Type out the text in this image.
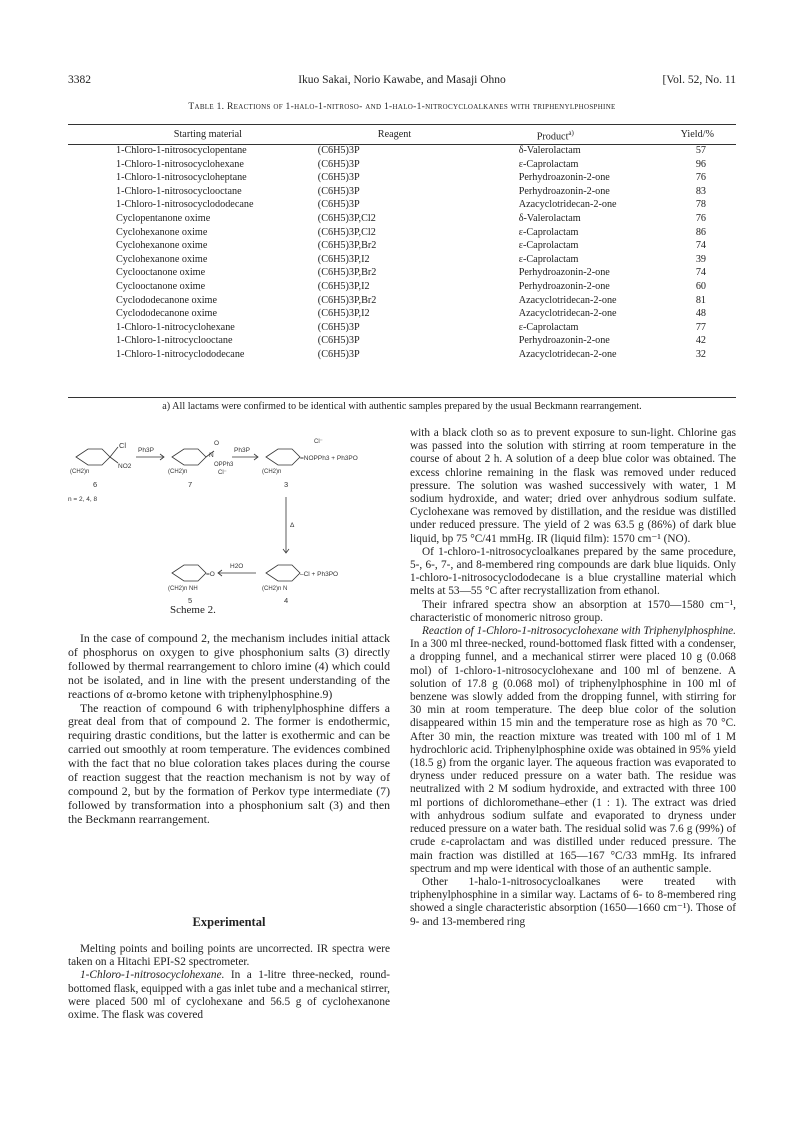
3382	Ikuo Sakai, Norio Kawabe, and Masaji Ohno	[Vol. 52, No. 11
Table 1. Reactions of 1-halo-1-nitroso- and 1-halo-1-nitrocycloalkanes with triphenylphosphine
Starting material	Reagent	Product$^{a)}$	Yield/%
1-Chloro-1-nitrosocyclopentane	(C6H5)3P	δ-Valerolactam	57
1-Chloro-1-nitrosocyclohexane	(C6H5)3P	ε-Caprolactam	96
1-Chloro-1-nitrosocycloheptane	(C6H5)3P	Perhydroazonin-2-one	76
1-Chloro-1-nitrosocyclooctane	(C6H5)3P	Perhydroazonin-2-one	83
1-Chloro-1-nitrosocyclododecane	(C6H5)3P	Azacyclotridecan-2-one	78
Cyclopentanone oxime	(C6H5)3P,Cl2	δ-Valerolactam	76
Cyclohexanone oxime	(C6H5)3P,Cl2	ε-Caprolactam	86
Cyclohexanone oxime	(C6H5)3P,Br2	ε-Caprolactam	74
Cyclohexanone oxime	(C6H5)3P,I2	ε-Caprolactam	39
Cyclooctanone oxime	(C6H5)3P,Br2	Perhydroazonin-2-one	74
Cyclooctanone oxime	(C6H5)3P,I2	Perhydroazonin-2-one	60
Cyclododecanone oxime	(C6H5)3P,Br2	Azacyclotridecan-2-one	81
Cyclododecanone oxime	(C6H5)3P,I2	Azacyclotridecan-2-one	48
1-Chloro-1-nitrocyclohexane	(C6H5)3P	ε-Caprolactam	77
1-Chloro-1-nitrocyclooctane	(C6H5)3P	Perhydroazonin-2-one	42
1-Chloro-1-nitrocyclododecane	(C6H5)3P	Azacyclotridecan-2-one	32
a) All lactams were confirmed to be identical with authentic samples prepared by the usual Beckmann rearrangement.
Cl
NO2
(CH2)n
6
n = 2, 4, 8
Ph3P
O
N
OPPh3
Cl⁻
(CH2)n
7
Ph3P
=NOPPh3 + Ph3PO
Cl⁻
(CH2)n
3
Δ
–Cl + Ph3PO
(CH2)n N
4
H2O
=O
(CH2)n NH
5
Scheme 2.

In the case of compound 2, the mechanism includes initial attack of phosphorus on oxygen to give phosphonium salts (3) directly followed by thermal rearrangement to chloro imine (4) which could not be isolated, and in line with the present understanding of the reactions of α-bromo ketone with triphenylphosphine.9)

The reaction of compound 6 with triphenylphosphine differs a great deal from that of compound 2. The former is endothermic, requiring drastic conditions, but the latter is exothermic and can be carried out smoothly at room temperature. The evidences combined with the fact that no blue coloration takes places during the course of reaction suggest that the reaction mechanism is not by way of compound 2, but by the formation of Perkov type intermediate (7) followed by transformation into a phosphonium salt (3) and then the Beckmann rearrangement.

Experimental

Melting points and boiling points are uncorrected. IR spectra were taken on a Hitachi EPI-S2 spectrometer.

1-Chloro-1-nitrosocyclohexane. In a 1-litre three-necked, round-bottomed flask, equipped with a gas inlet tube and a mechanical stirrer, were placed 500 ml of cyclohexane and 56.5 g of cyclohexanone oxime. The flask was covered

with a black cloth so as to prevent exposure to sun-light. Chlorine gas was passed into the solution with stirring at room temperature in the course of about 2 h. A solution of a deep blue color was obtained. The excess chlorine remaining in the flask was removed under reduced pressure. The solution was washed successively with water, 1 M sodium hydroxide, and water; dried over anhydrous sodium sulfate. Cyclohexane was removed by distillation, and the residue was distilled under reduced pressure. The yield of 2 was 63.5 g (86%) of dark blue liquid, bp 75 °C/41 mmHg. IR (liquid film): 1570 cm⁻¹ (NO).

Of 1-chloro-1-nitrosocycloalkanes prepared by the same procedure, 5-, 6-, 7-, and 8-membered ring compounds are dark blue liquids. Only 1-chloro-1-nitrosocyclododecane is a blue crystalline material which melts at 53—55 °C after recrystallization from ethanol.

Their infrared spectra show an absorption at 1570—1580 cm⁻¹, characteristic of monomeric nitroso group.

Reaction of 1-Chloro-1-nitrosocyclohexane with Triphenylphosphine. In a 300 ml three-necked, round-bottomed flask fitted with a condenser, a dropping funnel, and a mechanical stirrer were placed 10 g (0.068 mol) of 1-chloro-1-nitrosocyclohexane and 100 ml of benzene. A solution of 17.8 g (0.068 mol) of triphenylphosphine in 100 ml of benzene was slowly added from the dropping funnel, with stirring for 30 min at room temperature. The deep blue color of the solution disappeared within 15 min and the temperature rose as high as 70 °C. After 30 min, the reaction mixture was treated with 100 ml of 1 M hydrochloric acid. Triphenylphosphine oxide was obtained in 95% yield (18.5 g) from the organic layer. The aqueous fraction was evaporated to dryness under reduced pressure on a water bath. The residue was neutralized with 2 M sodium hydroxide, and extracted with three 100 ml portions of dichloromethane–ether (1 : 1). The extract was dried with anhydrous sodium sulfate and evaporated to dryness under reduced pressure on a water bath. The residual solid was 7.6 g (99%) of crude ε-caprolactam and was distilled under reduced pressure. The main fraction was distilled at 165—167 °C/33 mmHg. Its infrared spectrum and mp were identical with those of an authentic sample.

Other 1-halo-1-nitrosocycloalkanes were treated with triphenylphosphine in a similar way. Lactams of 6- to 8-membered ring showed a single characteristic absorption (1650—1660 cm⁻¹). Those of 9- and 13-membered ring
